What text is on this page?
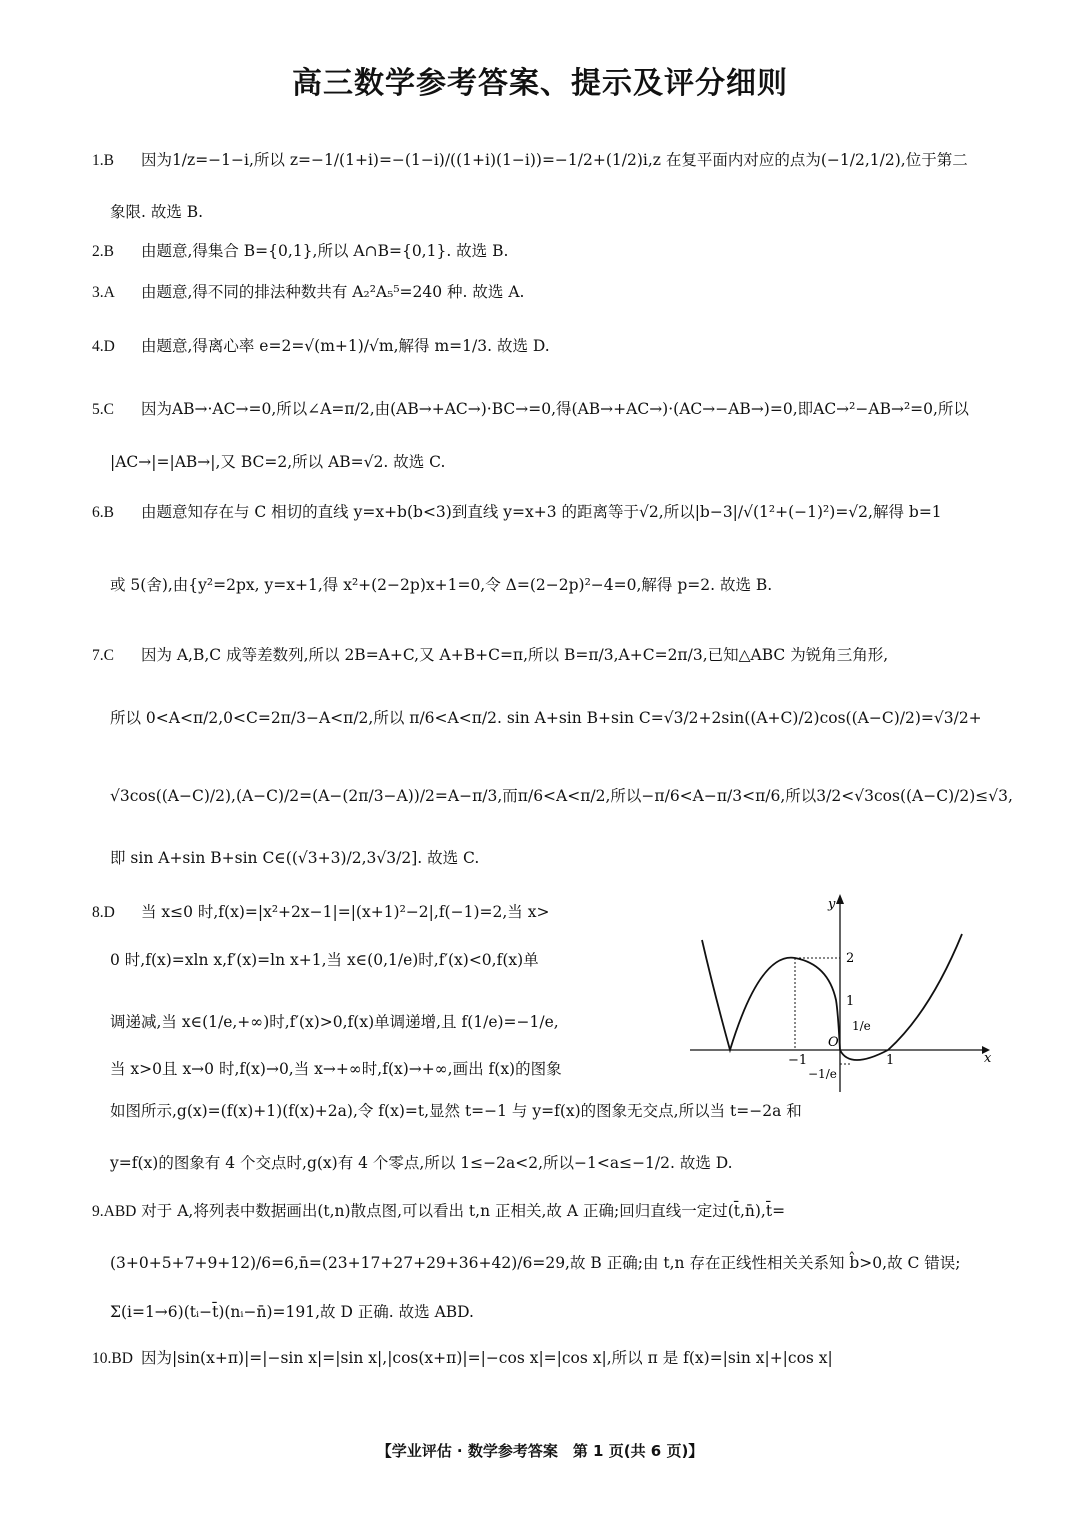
高三数学参考答案、提示及评分细则
1.B 因为1/z=−1−i,所以 z=−1/(1+i)=−(1−i)/((1+i)(1−i))=−1/2+(1/2)i,z 在复平面内对应的点为(−1/2,1/2),位于第二
象限. 故选 B.
2.B 由题意,得集合 B={0,1},所以 A∩B={0,1}. 故选 B.
3.A 由题意,得不同的排法种数共有 A₂²A₅⁵=240 种. 故选 A.
4.D 由题意,得离心率 e=2=√(m+1)/√m,解得 m=1/3. 故选 D.
5.C 因为AB→·AC→=0,所以∠A=π/2,由(AB→+AC→)·BC→=0,得(AB→+AC→)·(AC→−AB→)=0,即AC→²−AB→²=0,所以
|AC→|=|AB→|,又 BC=2,所以 AB=√2. 故选 C.
6.B 由题意知存在与 C 相切的直线 y=x+b(b<3)到直线 y=x+3 的距离等于√2,所以|b−3|/√(1²+(−1)²)=√2,解得 b=1
或 5(舍),由{y²=2px, y=x+1,得 x²+(2−2p)x+1=0,令 Δ=(2−2p)²−4=0,解得 p=2. 故选 B.
7.C 因为 A,B,C 成等差数列,所以 2B=A+C,又 A+B+C=π,所以 B=π/3,A+C=2π/3,已知△ABC 为锐角三角形,
所以 0<A<π/2,0<C=2π/3−A<π/2,所以 π/6<A<π/2. sin A+sin B+sin C=√3/2+2sin((A+C)/2)cos((A−C)/2)=√3/2+
√3cos((A−C)/2),(A−C)/2=(A−(2π/3−A))/2=A−π/3,而π/6<A<π/2,所以−π/6<A−π/3<π/6,所以3/2<√3cos((A−C)/2)≤√3,
即 sin A+sin B+sin C∈((√3+3)/2,3√3/2]. 故选 C.
8.D 当 x≤0 时,f(x)=|x²+2x−1|=|(x+1)²−2|,f(−1)=2,当 x>
0 时,f(x)=xln x,f′(x)=ln x+1,当 x∈(0,1/e)时,f′(x)<0,f(x)单
调递减,当 x∈(1/e,+∞)时,f′(x)>0,f(x)单调递增,且 f(1/e)=−1/e,
当 x>0且 x→0 时,f(x)→0,当 x→+∞时,f(x)→+∞,画出 f(x)的图象
如图所示,g(x)=(f(x)+1)(f(x)+2a),令 f(x)=t,显然 t=−1 与 y=f(x)的图象无交点,所以当 t=−2a 和
y=f(x)的图象有 4 个交点时,g(x)有 4 个零点,所以 1≤−2a<2,所以−1<a≤−1/2. 故选 D.
x
y
O
2
1
−1	1
1/e
−1/e
9.ABD 对于 A,将列表中数据画出(t,n)散点图,可以看出 t,n 正相关,故 A 正确;回归直线一定过(t̄,n̄),t̄=
(3+0+5+7+9+12)/6=6,n̄=(23+17+27+29+36+42)/6=29,故 B 正确;由 t,n 存在正线性相关关系知 b̂>0,故 C 错误;
Σ(i=1→6)(tᵢ−t̄)(nᵢ−n̄)=191,故 D 正确. 故选 ABD.
10.BD 因为|sin(x+π)|=|−sin x|=|sin x|,|cos(x+π)|=|−cos x|=|cos x|,所以 π 是 f(x)=|sin x|+|cos x|
【学业评估 · 数学参考答案　第 1 页(共 6 页)】
